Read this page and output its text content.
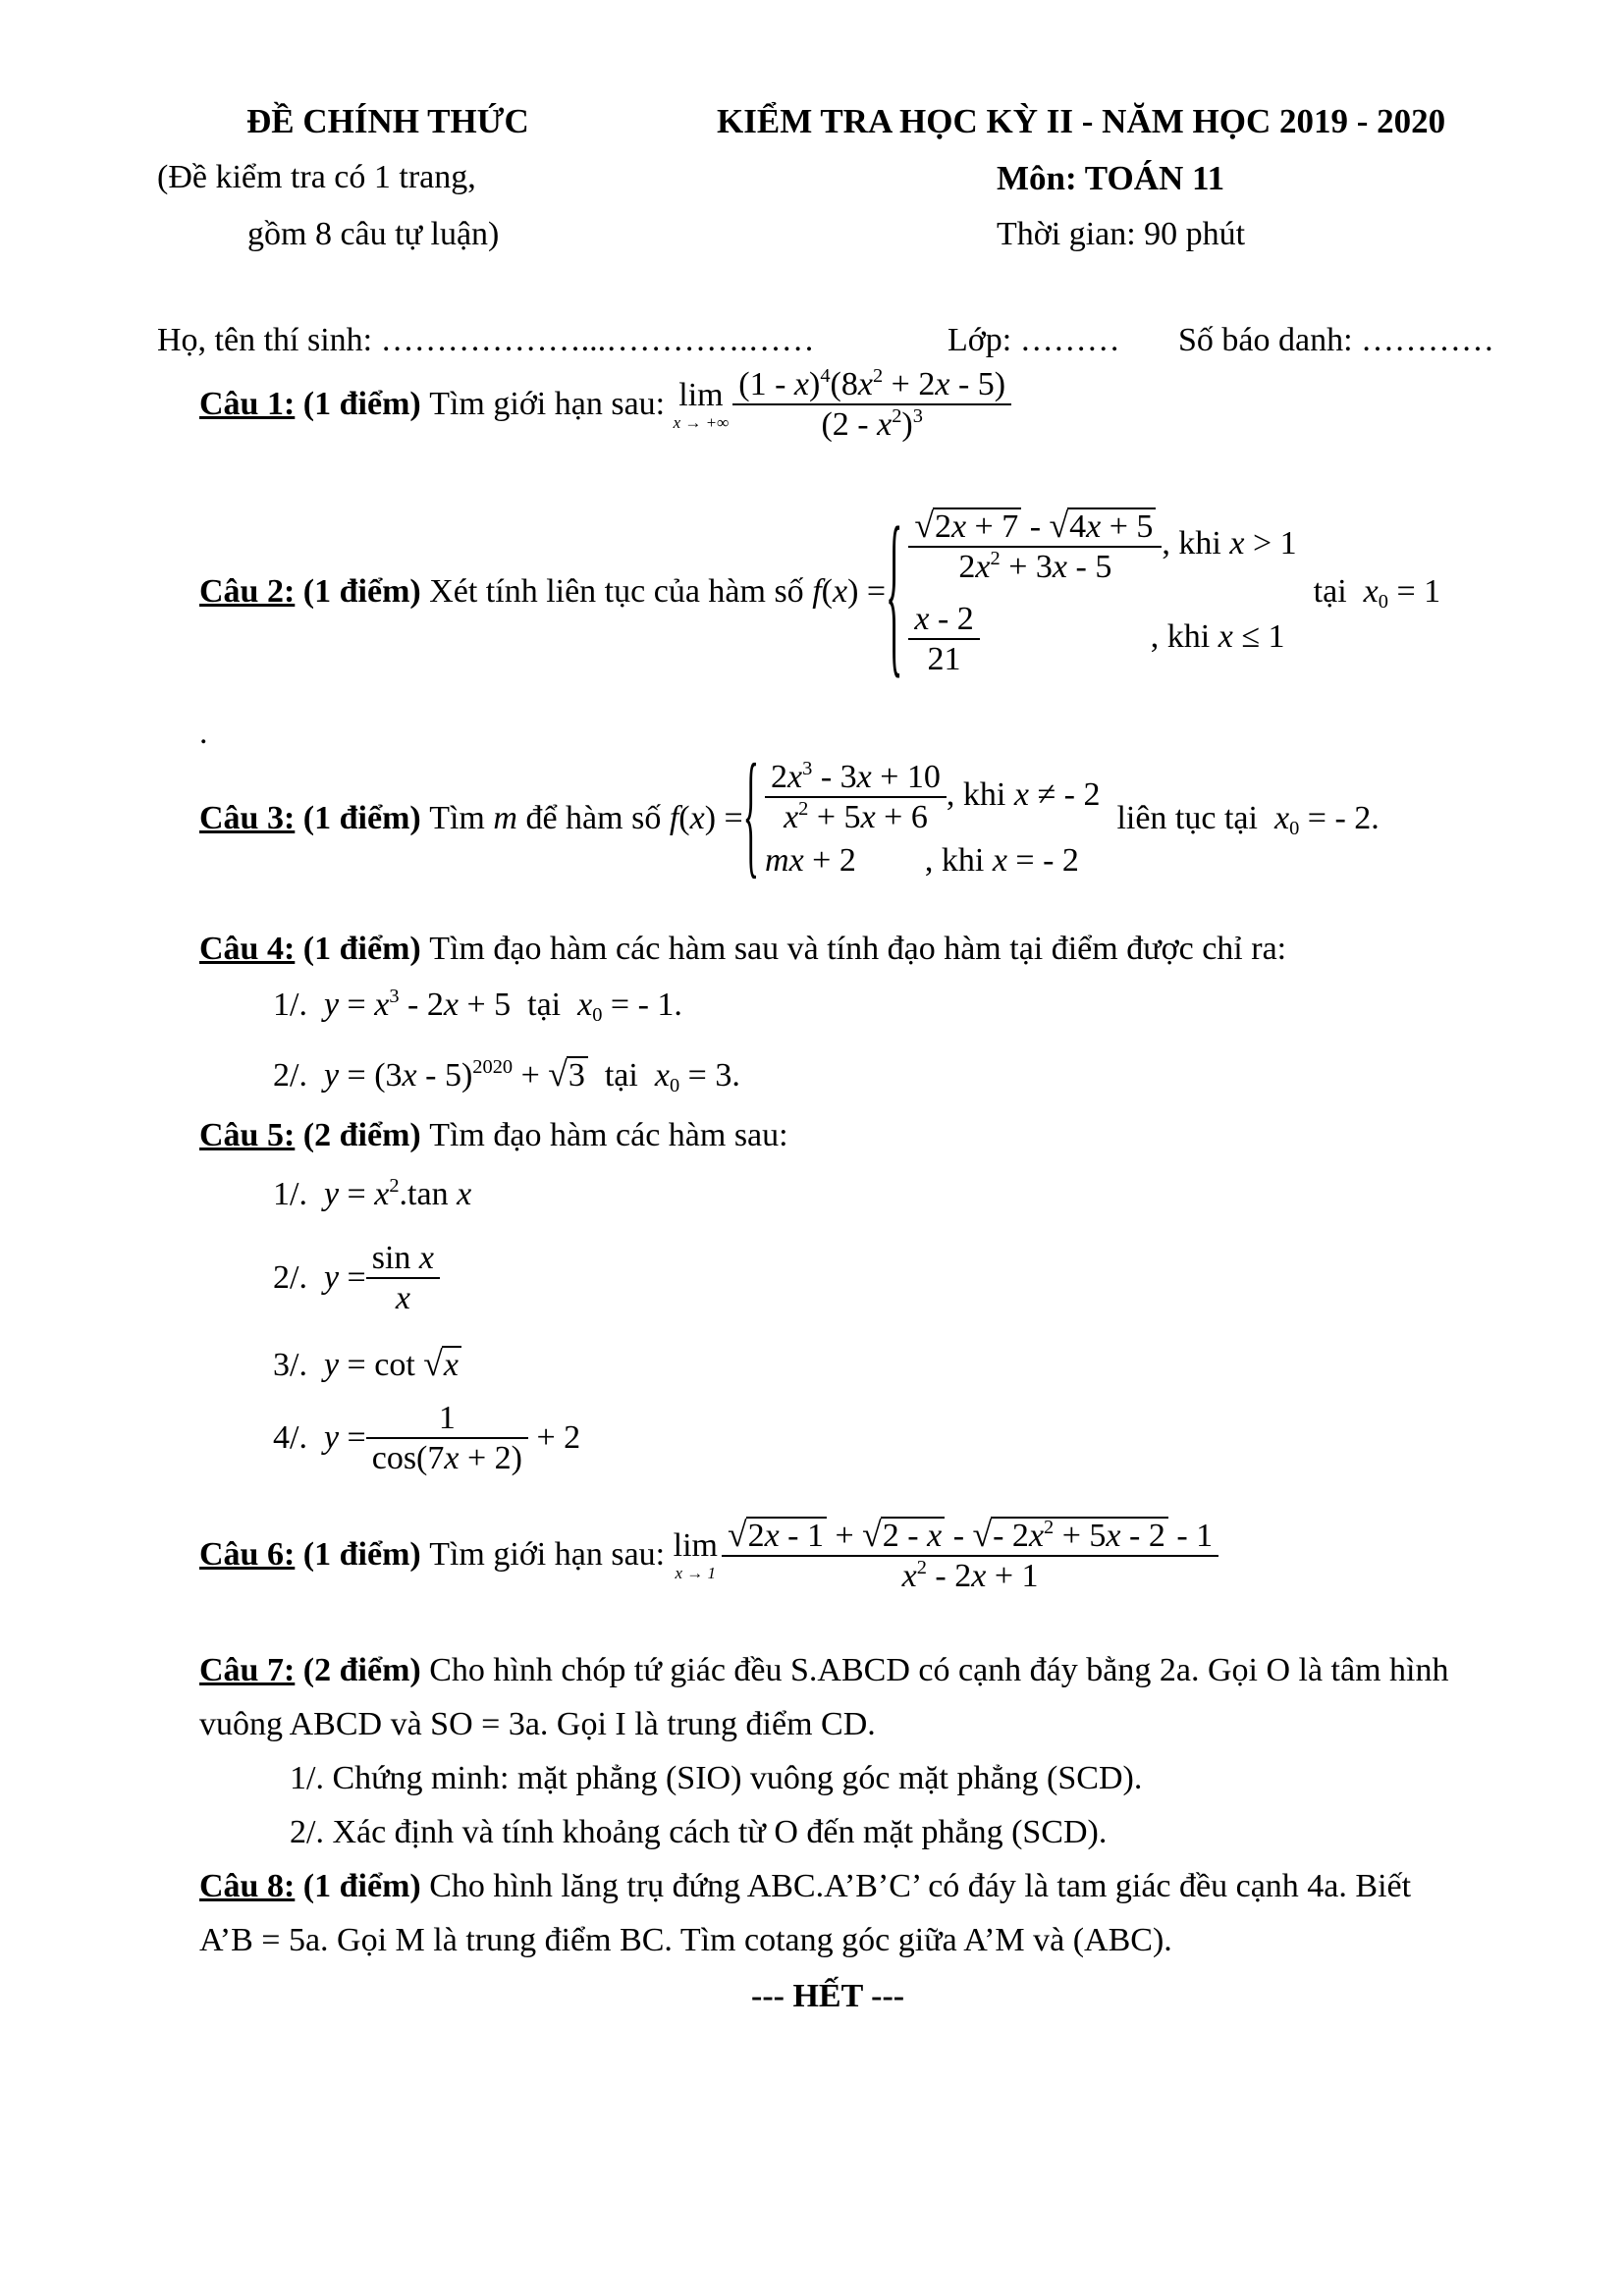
ĐỀ CHÍNH THỨC	KIỂM TRA HỌC KỲ II - NĂM HỌC 2019 - 2020
(Đề kiểm tra có 1 trang,	Môn: TOÁN 11
gồm 8 câu tự luận)	Thời gian: 90 phút
Họ, tên thí sinh: ………………...………….……	Lớp: ……… Số báo danh: …………
Câu 1:
(1 điểm)
Tìm giới hạn sau:
lim
x → +∞ $\frac{(1 - x)^4(8x^2 + 2x - 5)}{(2 - x^2)^3}$
Câu 2:
(1 điểm)
Xét tính liên tục của hàm số
f(x) = { $\frac{√2x + 7 - √4x + 5}{2x^2 + 3x - 5}$ , khi x > 1
$\frac{x - 2}{21}$	, khi x ≤ 1

tại
$x_0 = 1$
.
Câu 3:
(1 điểm)
Tìm
m
để hàm số
f(x) = { $\frac{2x^3 - 3x + 10}{x^2 + 5x + 6}$ , khi x ≠ - 2
mx + 2 , khi x = - 2

liên tục tại
$x_0$ = - 2.
Câu 4: (1 điểm) Tìm đạo hàm các hàm sau và tính đạo hàm tại điểm được chỉ ra:
1/. $y = x^3 - 2x + 5$ tại $x_0$ = - 1.
2/. y = (3x - 5)$^{2020}$ + √3 tại $x_0 = 3$.
Câu 5: (2 điểm) Tìm đạo hàm các hàm sau:
1/. $y = x^2.\tan$ x
2/.
$y = \frac{\text{sin x}}{x}$
3/. y = cot √x
4/.
$y = \frac{1}{\cos(7x + 2)} + 2$
Câu 6:
(1 điểm)
Tìm giới hạn sau:
lim
$x \to 1 \frac{√2x - 1 + √2 - x - √- 2x^2 + 5x - 2 - 1}{x^2 - 2x + 1}$
Câu 7: (2 điểm) Cho hình chóp tứ giác đều S.ABCD có cạnh đáy bằng 2a. Gọi O là tâm hình
vuông ABCD và SO = 3a. Gọi I là trung điểm CD.
1/. Chứng minh: mặt phẳng (SIO) vuông góc mặt phẳng (SCD).
2/. Xác định và tính khoảng cách từ O đến mặt phẳng (SCD).
Câu 8: (1 điểm) Cho hình lăng trụ đứng ABC.A’B’C’ có đáy là tam giác đều cạnh 4a. Biết
A’B = 5a. Gọi M là trung điểm BC. Tìm cotang góc giữa A’M và (ABC).
--- HẾT ---
